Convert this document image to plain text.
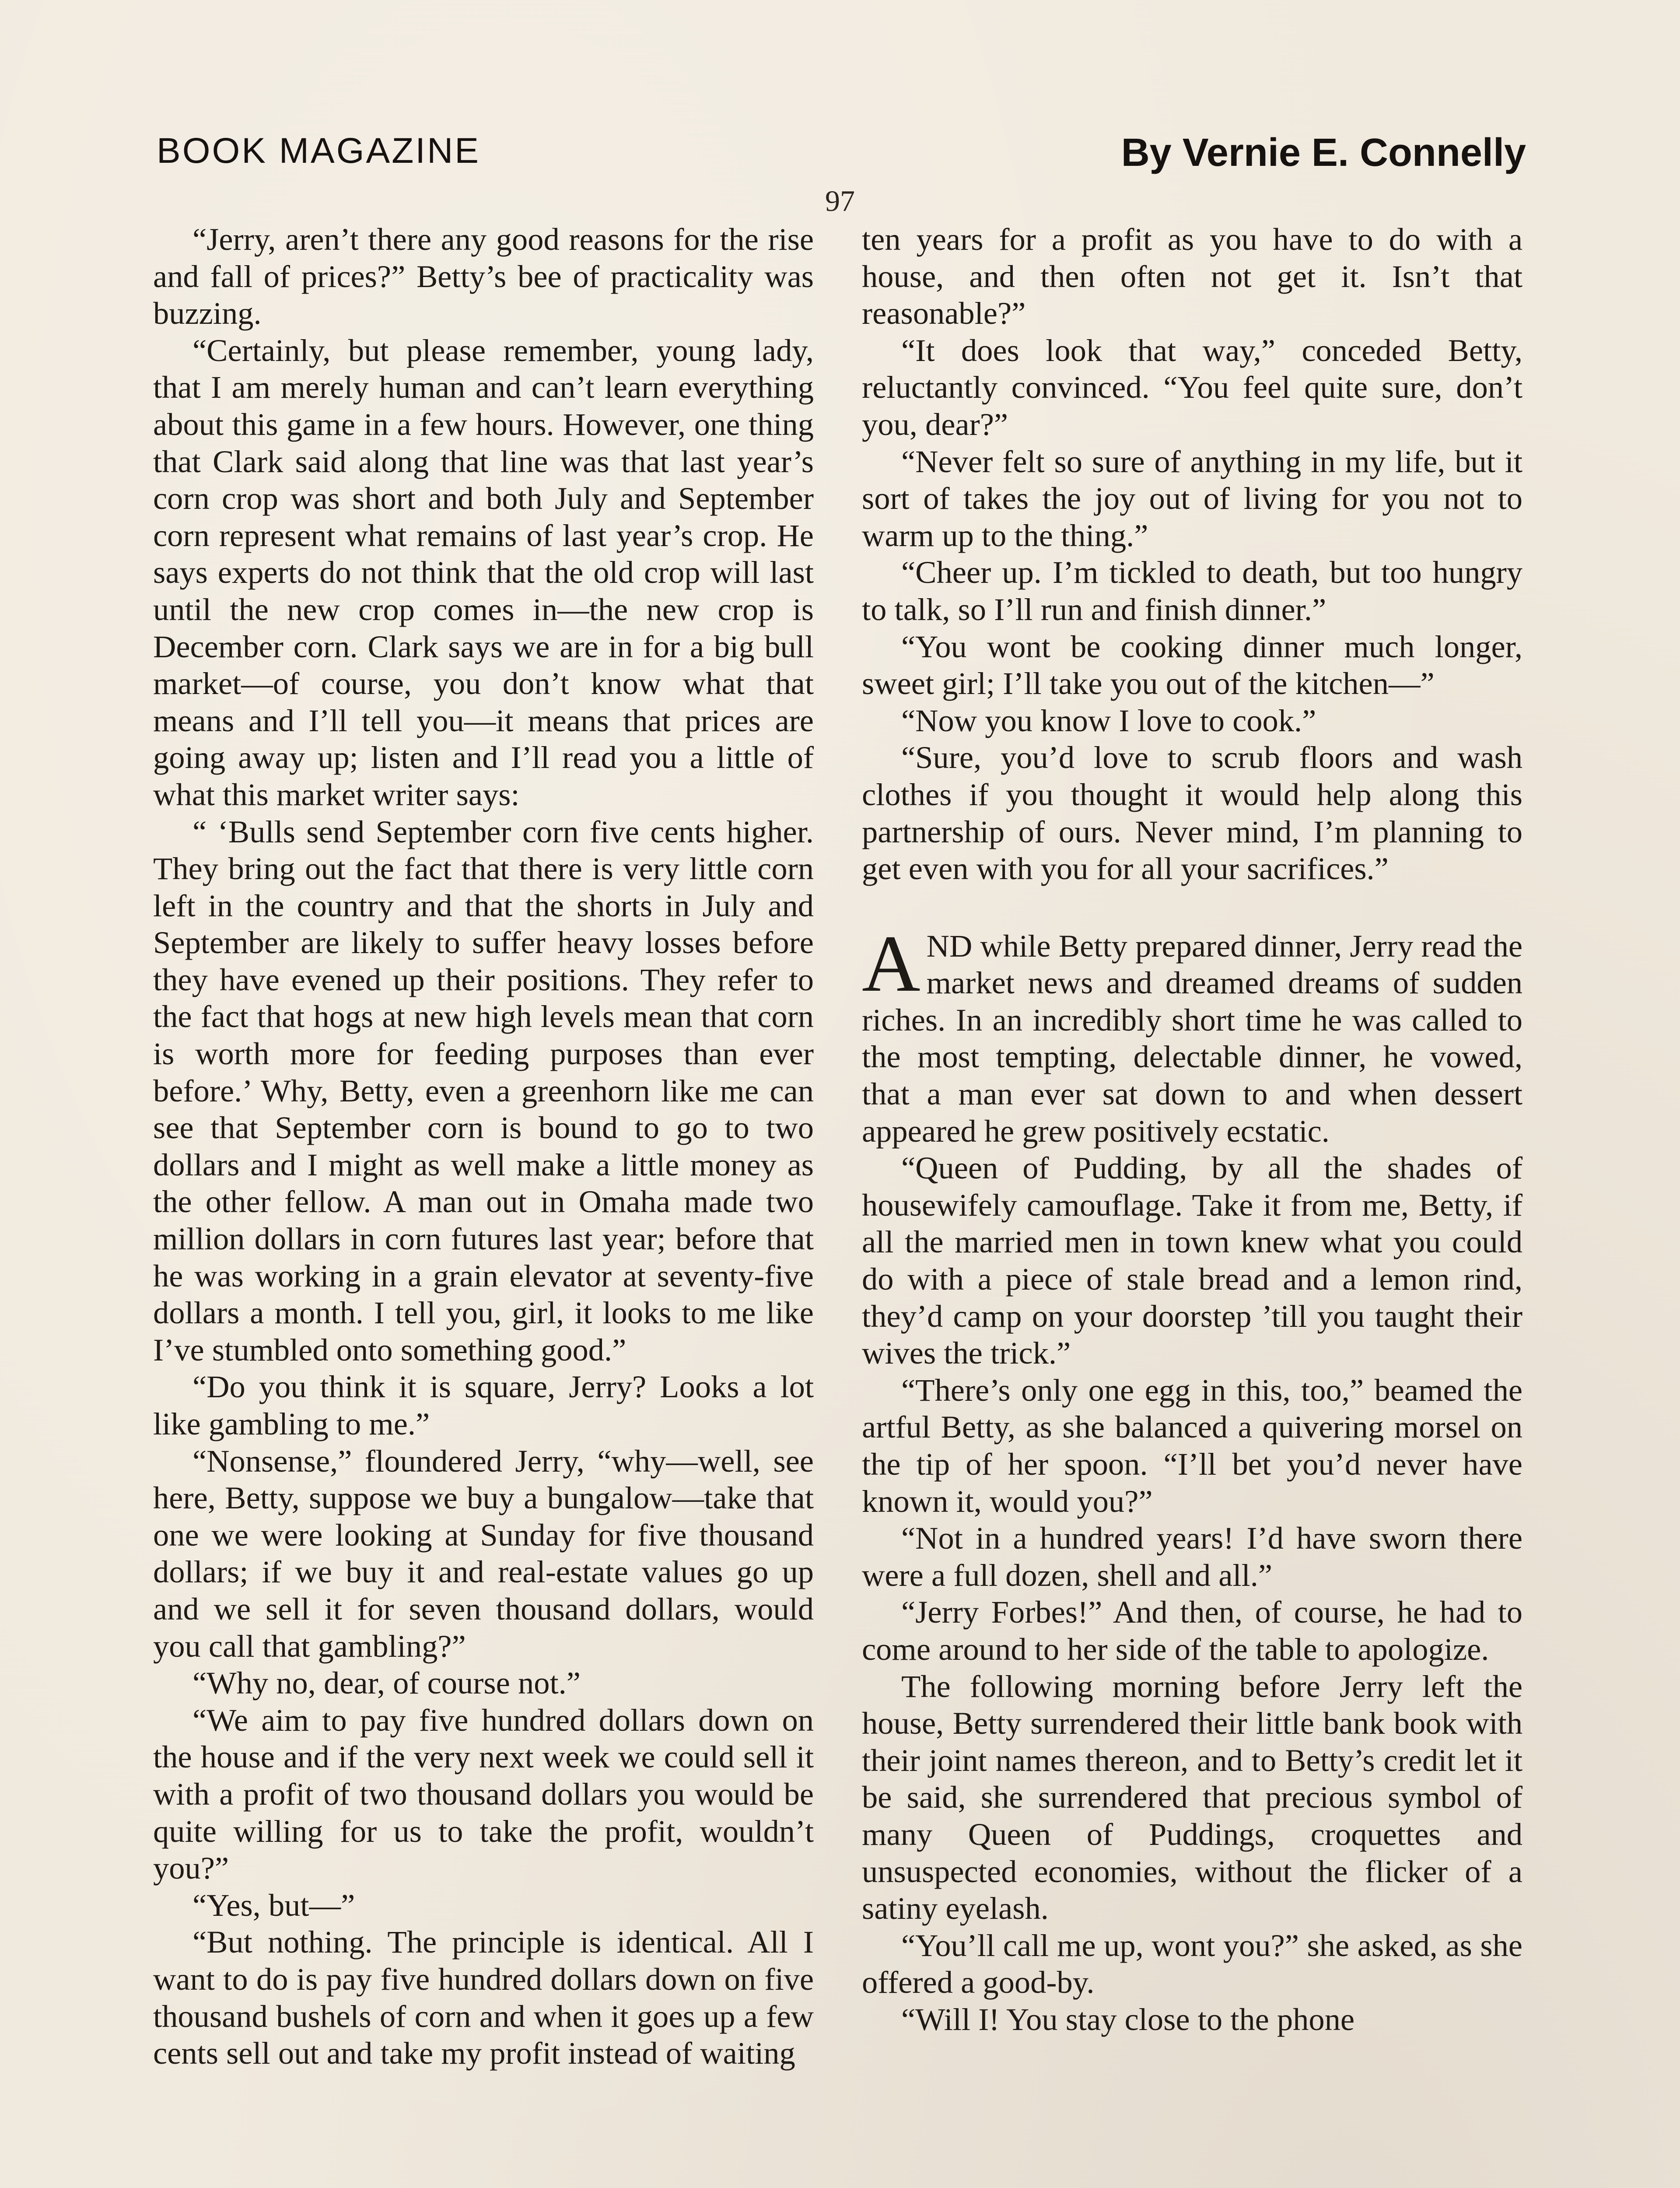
BOOK MAGAZINE	By Vernie E. Connelly
97

“Jerry, aren’t there any good reasons for the rise and fall of prices?” Betty’s bee of practicality was buzzing.

“Certainly, but please remember, young lady, that I am merely human and can’t learn everything about this game in a few hours. However, one thing that Clark said along that line was that last year’s corn crop was short and both July and September corn represent what remains of last year’s crop. He says experts do not think that the old crop will last until the new crop comes in—the new crop is December corn. Clark says we are in for a big bull market—of course, you don’t know what that means and I’ll tell you—it means that prices are going away up; listen and I’ll read you a little of what this market writer says:

“ ‘Bulls send September corn five cents higher. They bring out the fact that there is very little corn left in the country and that the shorts in July and September are likely to suffer heavy losses before they have evened up their positions. They refer to the fact that hogs at new high levels mean that corn is worth more for feeding purposes than ever before.’ Why, Betty, even a greenhorn like me can see that September corn is bound to go to two dollars and I might as well make a little money as the other fellow. A man out in Omaha made two million dollars in corn futures last year; before that he was working in a grain elevator at seventy-five dollars a month. I tell you, girl, it looks to me like I’ve stumbled onto something good.”

“Do you think it is square, Jerry? Looks a lot like gambling to me.”

“Nonsense,” floundered Jerry, “why—well, see here, Betty, suppose we buy a bungalow—take that one we were looking at Sunday for five thousand dollars; if we buy it and real-estate values go up and we sell it for seven thousand dollars, would you call that gambling?”

“Why no, dear, of course not.”

“We aim to pay five hundred dollars down on the house and if the very next week we could sell it with a profit of two thousand dollars you would be quite willing for us to take the profit, wouldn’t you?”

“Yes, but—”

“But nothing. The principle is identical. All I want to do is pay five hundred dollars down on five thousand bushels of corn and when it goes up a few cents sell out and take my profit instead of waiting

ten years for a profit as you have to do with a house, and then often not get it. Isn’t that reasonable?”

“It does look that way,” conceded Betty, reluctantly convinced. “You feel quite sure, don’t you, dear?”

“Never felt so sure of anything in my life, but it sort of takes the joy out of living for you not to warm up to the thing.”

“Cheer up. I’m tickled to death, but too hungry to talk, so I’ll run and finish dinner.”

“You wont be cooking dinner much longer, sweet girl; I’ll take you out of the kitchen—”

“Now you know I love to cook.”

“Sure, you’d love to scrub floors and wash clothes if you thought it would help along this partnership of ours. Never mind, I’m planning to get even with you for all your sacrifices.”

AND while Betty prepared dinner, Jerry read the market news and dreamed dreams of sudden riches. In an incredibly short time he was called to the most tempting, delectable dinner, he vowed, that a man ever sat down to and when dessert appeared he grew positively ecstatic.

“Queen of Pudding, by all the shades of housewifely camouflage. Take it from me, Betty, if all the married men in town knew what you could do with a piece of stale bread and a lemon rind, they’d camp on your doorstep ’till you taught their wives the trick.”

“There’s only one egg in this, too,” beamed the artful Betty, as she balanced a quivering morsel on the tip of her spoon. “I’ll bet you’d never have known it, would you?”

“Not in a hundred years! I’d have sworn there were a full dozen, shell and all.”

“Jerry Forbes!” And then, of course, he had to come around to her side of the table to apologize.

The following morning before Jerry left the house, Betty surrendered their little bank book with their joint names thereon, and to Betty’s credit let it be said, she surrendered that precious symbol of many Queen of Puddings, croquettes and unsuspected economies, without the flicker of a satiny eyelash.

“You’ll call me up, wont you?” she asked, as she offered a good-by.

“Will I! You stay close to the phone
